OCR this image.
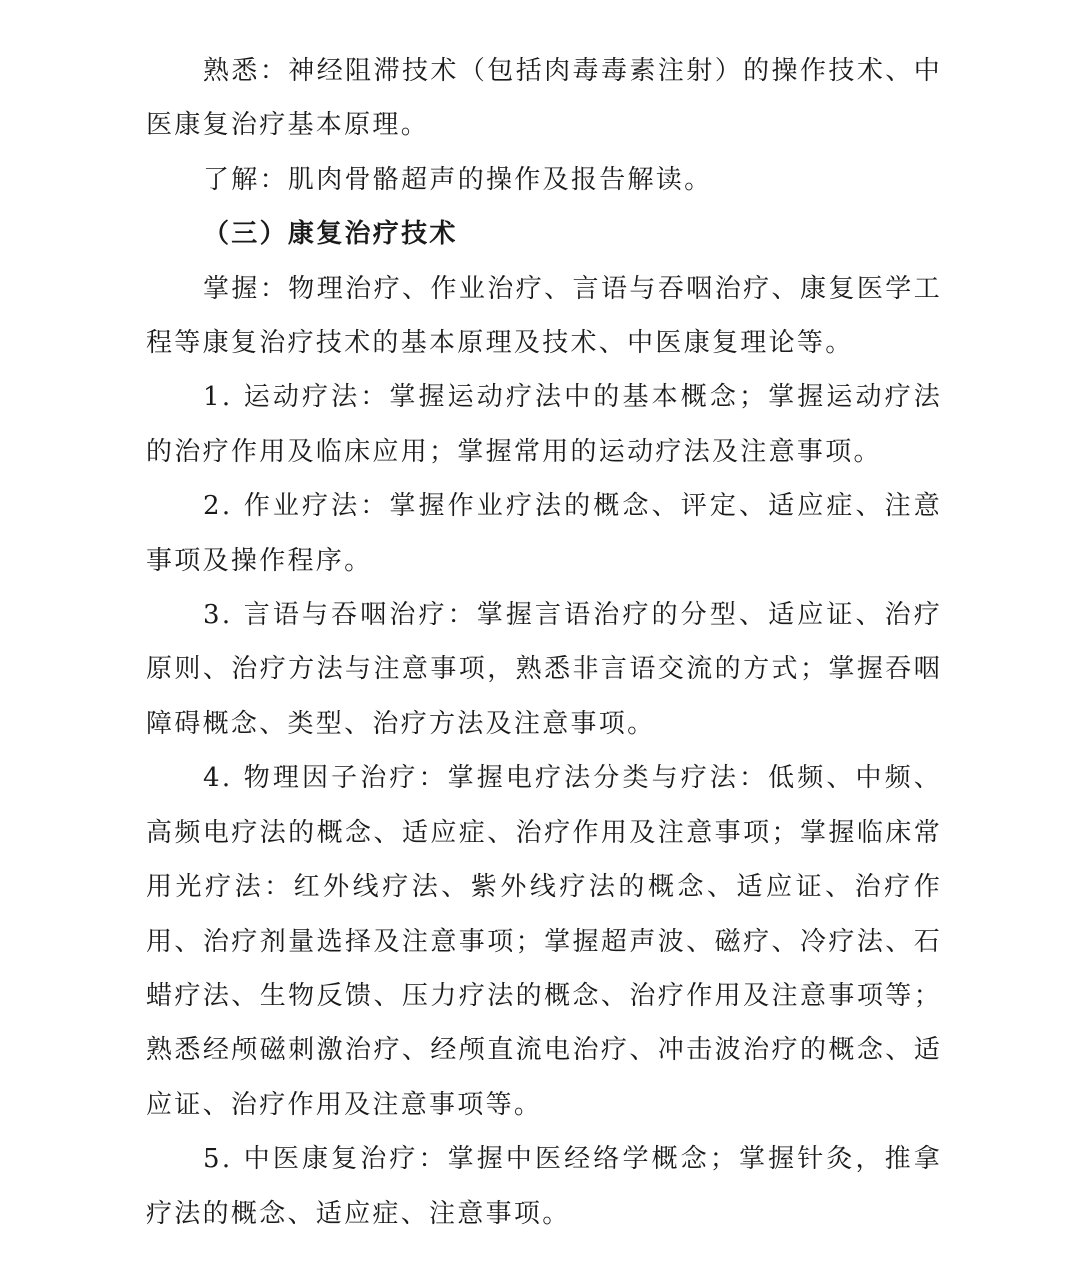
熟悉：神经阻滞技术（包括肉毒毒素注射）的操作技术、中医康复治疗基本原理。

了解：肌肉骨骼超声的操作及报告解读。

（三）康复治疗技术

掌握：物理治疗、作业治疗、言语与吞咽治疗、康复医学工程等康复治疗技术的基本原理及技术、中医康复理论等。

1. 运动疗法：掌握运动疗法中的基本概念；掌握运动疗法的治疗作用及临床应用；掌握常用的运动疗法及注意事项。

2. 作业疗法：掌握作业疗法的概念、评定、适应症、注意事项及操作程序。

3. 言语与吞咽治疗：掌握言语治疗的分型、适应证、治疗原则、治疗方法与注意事项，熟悉非言语交流的方式；掌握吞咽障碍概念、类型、治疗方法及注意事项。

4. 物理因子治疗：掌握电疗法分类与疗法：低频、中频、高频电疗法的概念、适应症、治疗作用及注意事项；掌握临床常用光疗法：红外线疗法、紫外线疗法的概念、适应证、治疗作用、治疗剂量选择及注意事项；掌握超声波、磁疗、冷疗法、石蜡疗法、生物反馈、压力疗法的概念、治疗作用及注意事项等；熟悉经颅磁刺激治疗、经颅直流电治疗、冲击波治疗的概念、适应证、治疗作用及注意事项等。

5. 中医康复治疗：掌握中医经络学概念；掌握针灸，推拿疗法的概念、适应症、注意事项。
